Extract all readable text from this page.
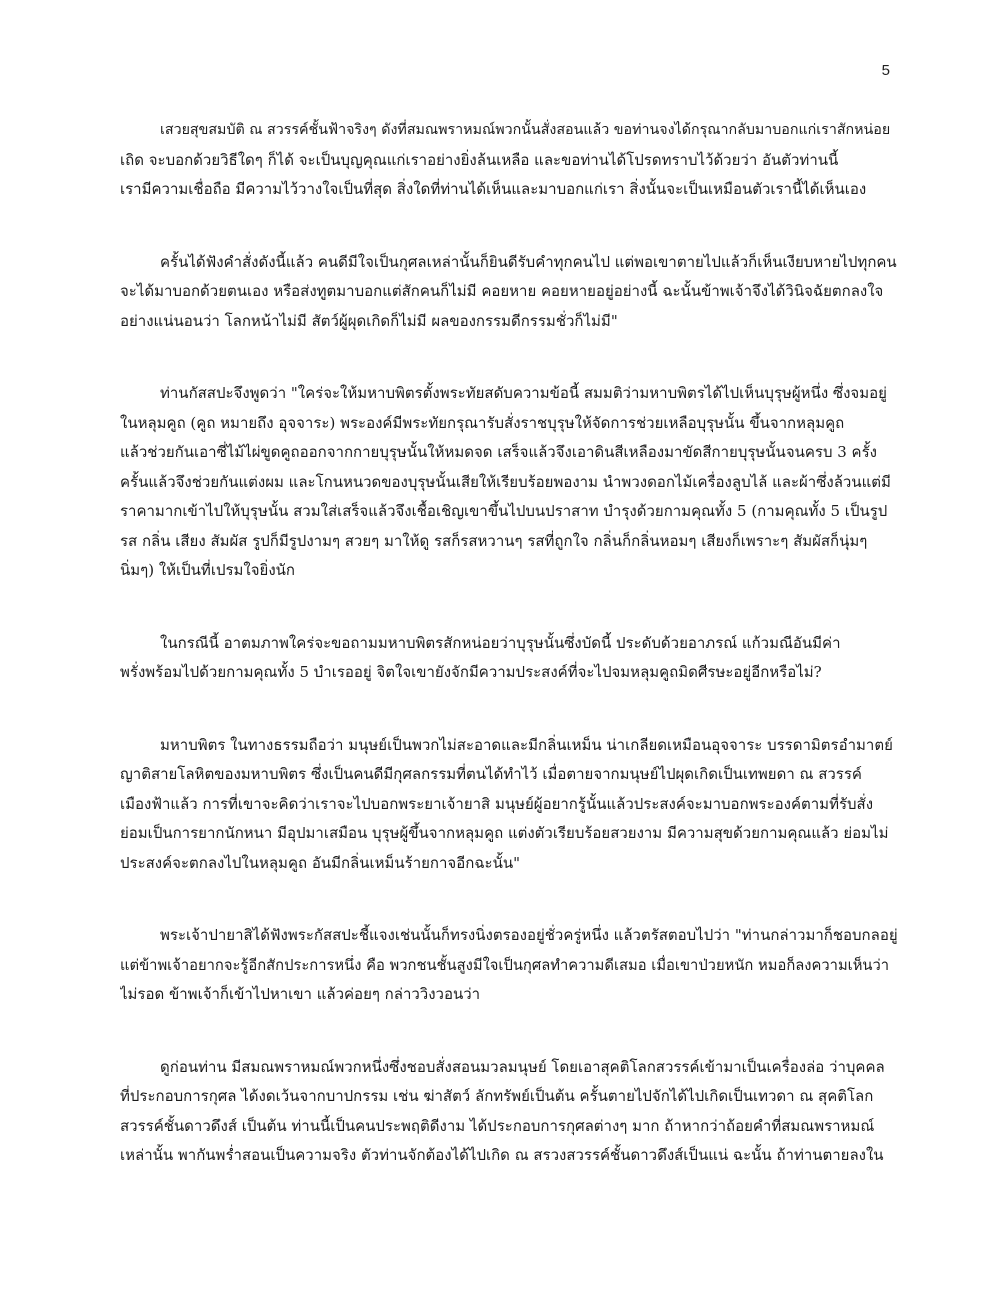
5
เสวยสุขสมบัติ ณ สวรรค์ชั้นฟ้าจริงๆ ดังที่สมณพราหมณ์พวกนั้นสั่งสอนแล้ว ขอท่านจงได้กรุณากลับมาบอกแก่เราสักหน่อย
เถิด จะบอกด้วยวิธีใดๆ ก็ได้ จะเป็นบุญคุณแก่เราอย่างยิ่งล้นเหลือ และขอท่านได้โปรดทราบไว้ด้วยว่า อันตัวท่านนี้
เรามีความเชื่อถือ มีความไว้วางใจเป็นที่สุด สิ่งใดที่ท่านได้เห็นและมาบอกแก่เรา สิ่งนั้นจะเป็นเหมือนตัวเรานี้ได้เห็นเอง
ครั้นได้ฟังคำสั่งดังนี้แล้ว คนดีมีใจเป็นกุศลเหล่านั้นก็ยินดีรับคำทุกคนไป แต่พอเขาตายไปแล้วก็เห็นเงียบหายไปทุกคน
จะได้มาบอกด้วยตนเอง หรือส่งทูตมาบอกแต่สักคนก็ไม่มี คอยหาย คอยหายอยู่อย่างนี้ ฉะนั้นข้าพเจ้าจึงได้วินิจฉัยตกลงใจ
อย่างแน่นอนว่า โลกหน้าไม่มี สัตว์ผู้ผุดเกิดก็ไม่มี ผลของกรรมดีกรรมชั่วก็ไม่มี"
ท่านกัสสปะจึงพูดว่า "ใคร่จะให้มหาบพิตรตั้งพระทัยสดับความข้อนี้ สมมติว่ามหาบพิตรได้ไปเห็นบุรุษผู้หนึ่ง ซึ่งจมอยู่
ในหลุมคูถ (คูถ หมายถึง อุจจาระ) พระองค์มีพระทัยกรุณารับสั่งราชบุรุษให้จัดการช่วยเหลือบุรุษนั้น ขึ้นจากหลุมคูถ
แล้วช่วยกันเอาซี่ไม้ไผ่ขูดคูถออกจากกายบุรุษนั้นให้หมดจด เสร็จแล้วจึงเอาดินสีเหลืองมาขัดสีกายบุรุษนั้นจนครบ 3 ครั้ง
ครั้นแล้วจึงช่วยกันแต่งผม และโกนหนวดของบุรุษนั้นเสียให้เรียบร้อยพองาม นำพวงดอกไม้เครื่องลูบไล้ และผ้าซึ่งล้วนแต่มี
ราคามากเข้าไปให้บุรุษนั้น สวมใส่เสร็จแล้วจึงเชื้อเชิญเขาขึ้นไปบนปราสาท บำรุงด้วยกามคุณทั้ง 5 (กามคุณทั้ง 5 เป็นรูป
รส กลิ่น เสียง สัมผัส รูปก็มีรูปงามๆ สวยๆ มาให้ดู รสก็รสหวานๆ รสที่ถูกใจ กลิ่นก็กลิ่นหอมๆ เสียงก็เพราะๆ สัมผัสก็นุ่มๆ
นิ่มๆ) ให้เป็นที่เปรมใจยิ่งนัก
ในกรณีนี้ อาตมภาพใคร่จะขอถามมหาบพิตรสักหน่อยว่าบุรุษนั้นซึ่งบัดนี้ ประดับด้วยอาภรณ์ แก้วมณีอันมีค่า
พรั่งพร้อมไปด้วยกามคุณทั้ง 5 บำเรออยู่ จิตใจเขายังจักมีความประสงค์ที่จะไปจมหลุมคูถมิดศีรษะอยู่อีกหรือไม่?
มหาบพิตร ในทางธรรมถือว่า มนุษย์เป็นพวกไม่สะอาดและมีกลิ่นเหม็น น่าเกลียดเหมือนอุจจาระ บรรดามิตรอำมาตย์
ญาติสายโลหิตของมหาบพิตร ซึ่งเป็นคนดีมีกุศลกรรมที่ตนได้ทำไว้ เมื่อตายจากมนุษย์ไปผุดเกิดเป็นเทพยดา ณ สวรรค์
เมืองฟ้าแล้ว การที่เขาจะคิดว่าเราจะไปบอกพระยาเจ้ายาสิ มนุษย์ผู้อยากรู้นั้นแล้วประสงค์จะมาบอกพระองค์ตามที่รับสั่ง
ย่อมเป็นการยากนักหนา มีอุปมาเสมือน บุรุษผู้ขึ้นจากหลุมคูถ แต่งตัวเรียบร้อยสวยงาม มีความสุขด้วยกามคุณแล้ว ย่อมไม่
ประสงค์จะตกลงไปในหลุมคูถ อันมีกลิ่นเหม็นร้ายกาจอีกฉะนั้น"
พระเจ้าปายาสิได้ฟังพระกัสสปะชี้แจงเช่นนั้นก็ทรงนิ่งตรองอยู่ชั่วครู่หนึ่ง แล้วตรัสตอบไปว่า "ท่านกล่าวมาก็ชอบกลอยู่
แต่ข้าพเจ้าอยากจะรู้อีกสักประการหนึ่ง คือ พวกชนชั้นสูงมีใจเป็นกุศลทำความดีเสมอ เมื่อเขาป่วยหนัก หมอก็ลงความเห็นว่า
ไม่รอด ข้าพเจ้าก็เข้าไปหาเขา แล้วค่อยๆ กล่าววิงวอนว่า
ดูก่อนท่าน มีสมณพราหมณ์พวกหนึ่งซึ่งชอบสั่งสอนมวลมนุษย์ โดยเอาสุคติโลกสวรรค์เข้ามาเป็นเครื่องล่อ ว่าบุคคล
ที่ประกอบการกุศล ได้งดเว้นจากบาปกรรม เช่น ฆ่าสัตว์ ลักทรัพย์เป็นต้น ครั้นตายไปจักได้ไปเกิดเป็นเทวดา ณ สุคติโลก
สวรรค์ชั้นดาวดึงส์ เป็นต้น ท่านนี้เป็นคนประพฤติดีงาม ได้ประกอบการกุศลต่างๆ มาก ถ้าหากว่าถ้อยคำที่สมณพราหมณ์
เหล่านั้น พากันพร่ำสอนเป็นความจริง ตัวท่านจักต้องได้ไปเกิด ณ สรวงสวรรค์ชั้นดาวดึงส์เป็นแน่ ฉะนั้น ถ้าท่านตายลงใน
